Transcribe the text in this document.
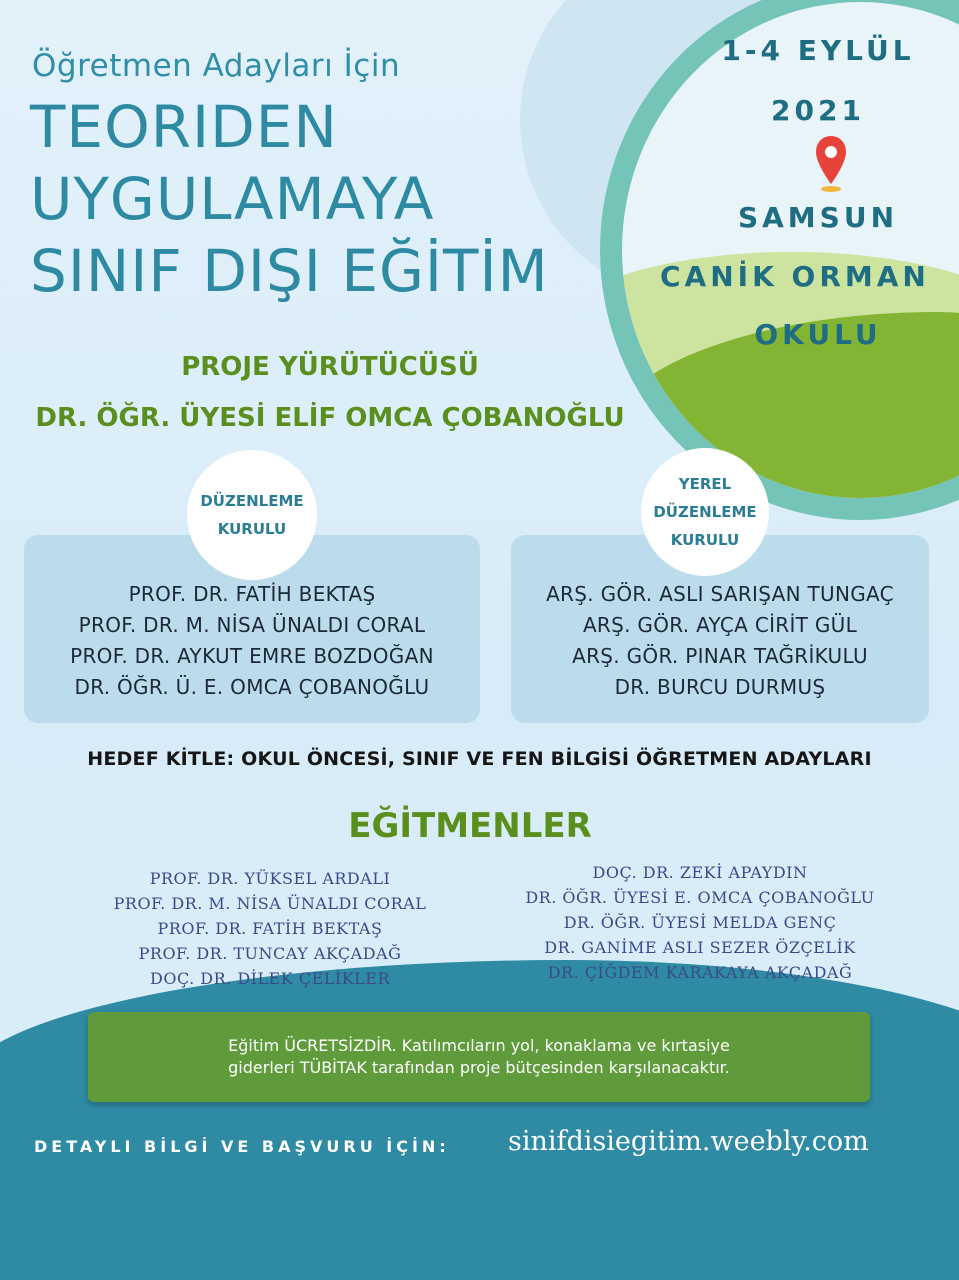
Öğretmen Adayları İçin
TEORIDEN
UYGULAMAYA
SINIF DIŞI EĞİTİM
1-4 EYLÜL
2021
SAMSUN
CANİK ORMAN
OKULU
PROJE YÜRÜTÜCÜSÜ
DR. ÖĞR. ÜYESİ ELİF OMCA ÇOBANOĞLU
PROF. DR. FATİH BEKTAŞ
PROF. DR. M. NİSA ÜNALDI CORAL
PROF. DR. AYKUT EMRE BOZDOĞAN
DR. ÖĞR. Ü. E. OMCA ÇOBANOĞLU
DÜZENLEME
KURULU
ARŞ. GÖR. ASLI SARIŞAN TUNGAÇ
ARŞ. GÖR. AYÇA CİRİT GÜL
ARŞ. GÖR. PINAR TAĞRİKULU
DR. BURCU DURMUŞ
YEREL
DÜZENLEME
KURULU
HEDEF KİTLE: OKUL ÖNCESİ, SINIF VE FEN BİLGİSİ ÖĞRETMEN ADAYLARI
EĞİTMENLER
PROF. DR. YÜKSEL ARDALI
PROF. DR. M. NİSA ÜNALDI CORAL
PROF. DR. FATİH BEKTAŞ
PROF. DR. TUNCAY AKÇADAĞ
DOÇ. DR. DİLEK ÇELİKLER
DOÇ. DR. ZEKİ APAYDIN
DR. ÖĞR. ÜYESİ E. OMCA ÇOBANOĞLU
DR. ÖĞR. ÜYESİ MELDA GENÇ
DR. GANİME ASLI SEZER ÖZÇELİK
DR. ÇİĞDEM KARAKAYA AKÇADAĞ
Eğitim ÜCRETSİZDİR. Katılımcıların yol, konaklama ve kırtasiye
giderleri TÜBİTAK tarafından proje bütçesinden karşılanacaktır.
DETAYLI BİLGİ VE BAŞVURU İÇİN: sinifdisiegitim.weebly.com
